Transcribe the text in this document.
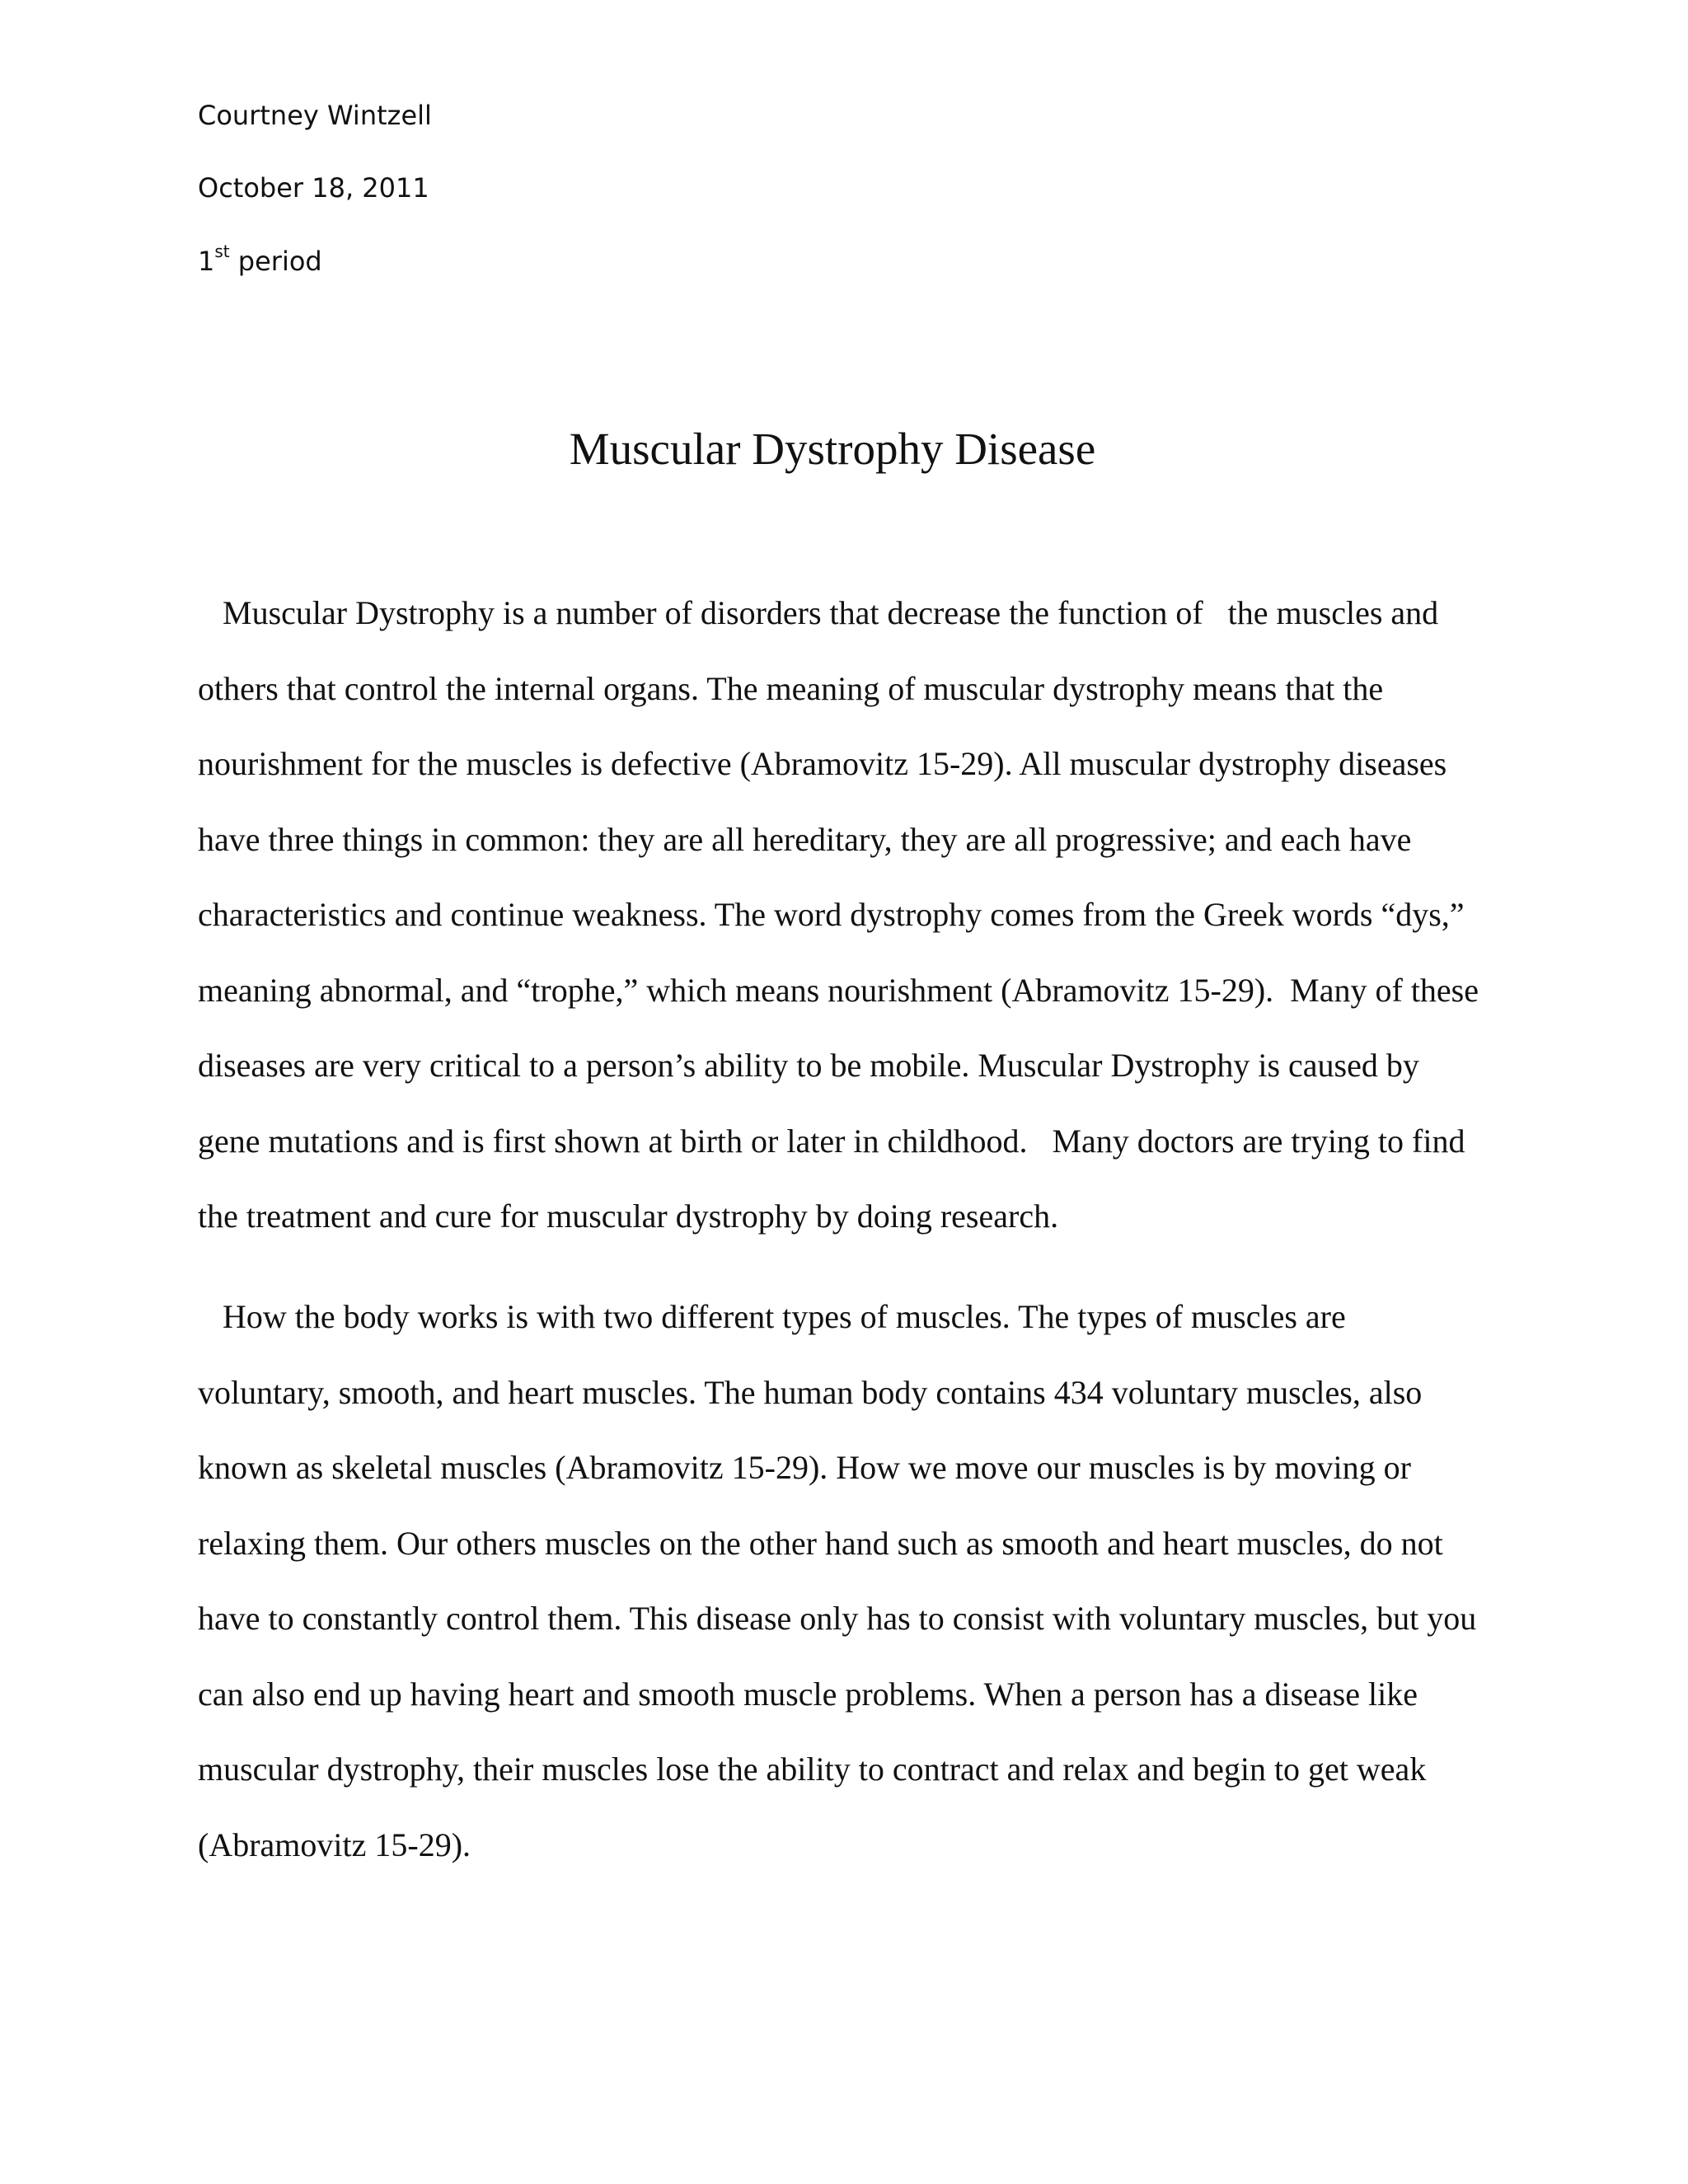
Courtney Wintzell
October 18, 2011
1st period
Muscular Dystrophy Disease
Muscular Dystrophy is a number of disorders that decrease the function of   the muscles and
others that control the internal organs. The meaning of muscular dystrophy means that the
nourishment for the muscles is defective (Abramovitz 15-29). All muscular dystrophy diseases
have three things in common: they are all hereditary, they are all progressive; and each have
characteristics and continue weakness. The word dystrophy comes from the Greek words “dys,”
meaning abnormal, and “trophe,” which means nourishment (Abramovitz 15-29).  Many of these
diseases are very critical to a person’s ability to be mobile. Muscular Dystrophy is caused by
gene mutations and is first shown at birth or later in childhood.   Many doctors are trying to find
the treatment and cure for muscular dystrophy by doing research.
How the body works is with two different types of muscles. The types of muscles are
voluntary, smooth, and heart muscles. The human body contains 434 voluntary muscles, also
known as skeletal muscles (Abramovitz 15-29). How we move our muscles is by moving or
relaxing them. Our others muscles on the other hand such as smooth and heart muscles, do not
have to constantly control them. This disease only has to consist with voluntary muscles, but you
can also end up having heart and smooth muscle problems. When a person has a disease like
muscular dystrophy, their muscles lose the ability to contract and relax and begin to get weak
(Abramovitz 15-29).
